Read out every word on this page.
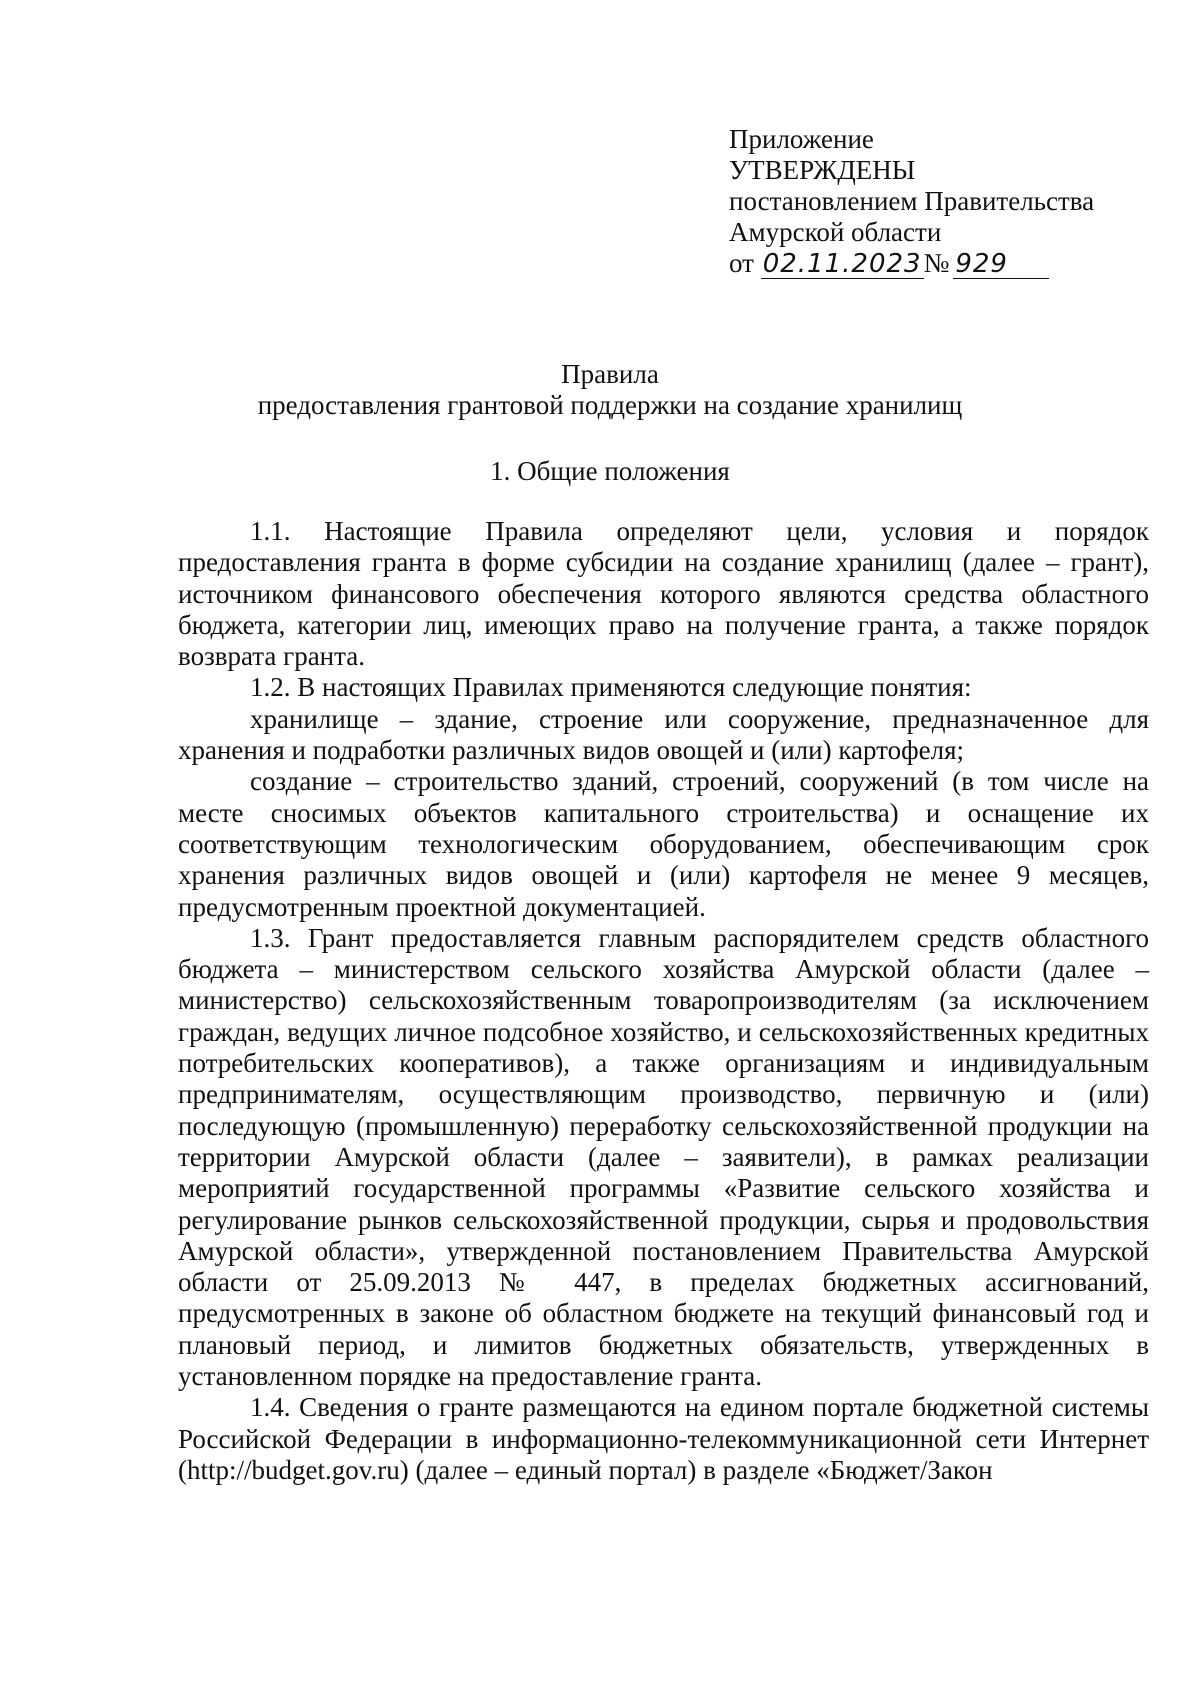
Приложение
УТВЕРЖДЕНЫ
постановлением Правительства
Амурской области
от 02.11.2023№ 929
Правила
предоставления грантовой поддержки на создание хранилищ
1. Общие положения

1.1. Настоящие Правила определяют цели, условия и порядок предоставления гранта в форме субсидии на создание хранилищ (далее – грант), источником финансового обеспечения которого являются средства областного бюджета, категории лиц, имеющих право на получение гранта, а также порядок возврата гранта.

1.2. В настоящих Правилах применяются следующие понятия:

хранилище – здание, строение или сооружение, предназначенное для хранения и подработки различных видов овощей и (или) картофеля;

создание – строительство зданий, строений, сооружений (в том числе на месте сносимых объектов капитального строительства) и оснащение их соответствующим технологическим оборудованием, обеспечивающим срок хранения различных видов овощей и (или) картофеля не менее 9 месяцев, предусмотренным проектной документацией.

1.3. Грант предоставляется главным распорядителем средств областного бюджета – министерством сельского хозяйства Амурской области (далее – министерство) сельскохозяйственным товаропроизводителям (за исключением граждан, ведущих личное подсобное хозяйство, и сельскохозяйственных кредитных потребительских кооперативов), а также организациям и индивидуальным предпринимателям, осуществляющим производство, первичную и (или) последующую (промышленную) переработку сельскохозяйственной продукции на территории Амурской области (далее – заявители), в рамках реализации мероприятий государственной программы «Развитие сельского хозяйства и регулирование рынков сельскохозяйственной продукции, сырья и продовольствия Амурской области», утвержденной постановлением Правительства Амурской области от 25.09.2013 № 447, в пределах бюджетных ассигнований, предусмотренных в законе об областном бюджете на текущий финансовый год и плановый период, и лимитов бюджетных обязательств, утвержденных в установленном порядке на предоставление гранта.

1.4. Сведения о гранте размещаются на едином портале бюджетной системы Российской Федерации в информационно-телекоммуникационной сети Интернет (http://budget.gov.ru) (далее – единый портал) в разделе «Бюджет/Закон
